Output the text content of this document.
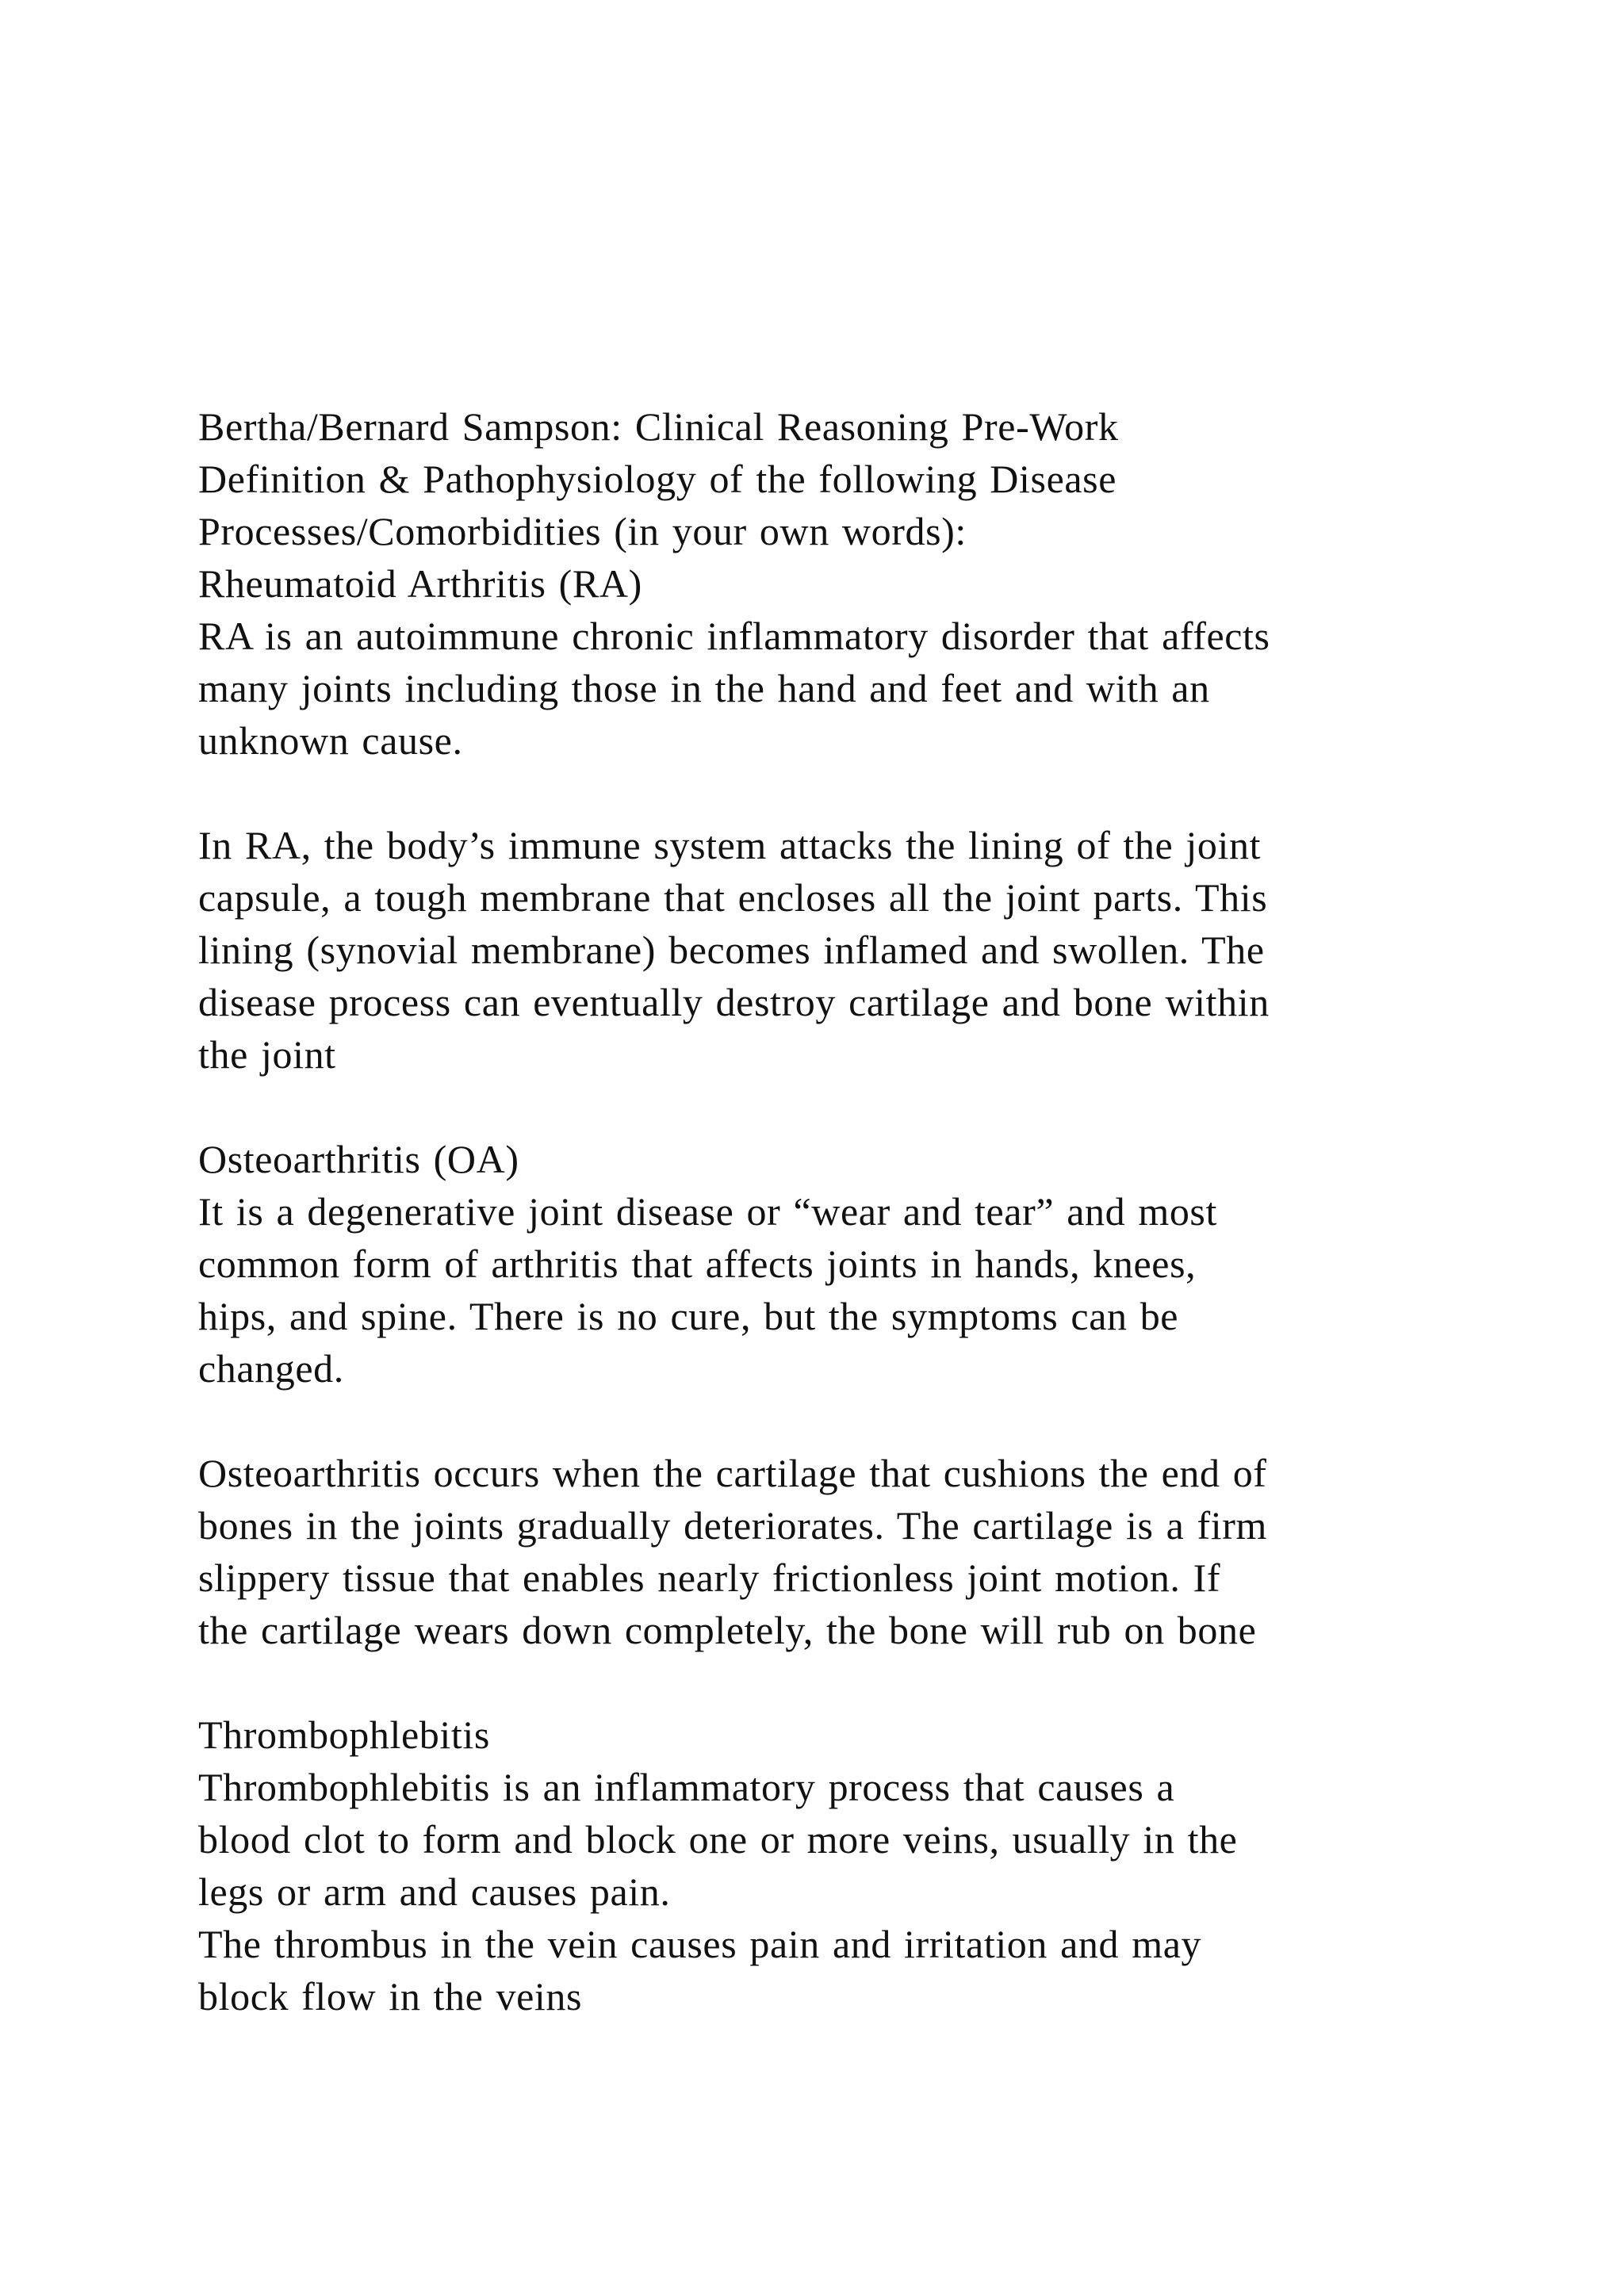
Bertha/Bernard Sampson: Clinical Reasoning Pre-Work

Definition & Pathophysiology of the following Disease

Processes/Comorbidities (in your own words):

Rheumatoid Arthritis (RA)

RA is an autoimmune chronic inflammatory disorder that affects

many joints including those in the hand and feet and with an

unknown cause.

In RA, the body’s immune system attacks the lining of the joint

capsule, a tough membrane that encloses all the joint parts. This

lining (synovial membrane) becomes inflamed and swollen. The

disease process can eventually destroy cartilage and bone within

the joint

Osteoarthritis (OA)

It is a degenerative joint disease or “wear and tear” and most

common form of arthritis that affects joints in hands, knees,

hips, and spine. There is no cure, but the symptoms can be

changed.

Osteoarthritis occurs when the cartilage that cushions the end of

bones in the joints gradually deteriorates. The cartilage is a firm

slippery tissue that enables nearly frictionless joint motion. If

the cartilage wears down completely, the bone will rub on bone

Thrombophlebitis

Thrombophlebitis is an inflammatory process that causes a

blood clot to form and block one or more veins, usually in the

legs or arm and causes pain.

The thrombus in the vein causes pain and irritation and may

block flow in the veins
